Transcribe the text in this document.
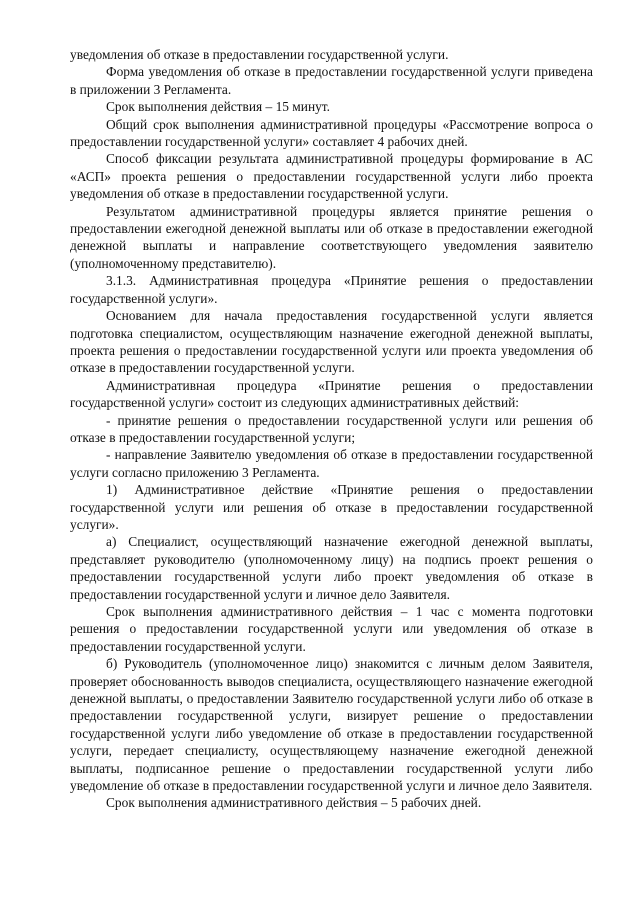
уведомления об отказе в предоставлении государственной услуги.

Форма уведомления об отказе в предоставлении государственной услуги приведена в приложении 3 Регламента.

Срок выполнения действия – 15 минут.

Общий срок выполнения административной процедуры «Рассмотрение вопроса о предоставлении государственной услуги» составляет 4 рабочих дней.

Способ фиксации результата административной процедуры формирование в АС «АСП» проекта решения о предоставлении государственной услуги либо проекта уведомления об отказе в предоставлении государственной услуги.

Результатом административной процедуры является принятие решения о предоставлении ежегодной денежной выплаты или об отказе в предоставлении ежегодной денежной выплаты и направление соответствующего уведомления заявителю (уполномоченному представителю).

3.1.3. Административная процедура «Принятие решения о предоставлении государственной услуги».

Основанием для начала предоставления государственной услуги является подготовка специалистом, осуществляющим назначение ежегодной денежной выплаты, проекта решения о предоставлении государственной услуги или проекта уведомления об отказе в предоставлении государственной услуги.

Административная процедура «Принятие решения о предоставлении государственной услуги» состоит из следующих административных действий:

- принятие решения о предоставлении государственной услуги или решения об отказе в предоставлении государственной услуги;

- направление Заявителю уведомления об отказе в предоставлении государственной услуги согласно приложению 3 Регламента.

1) Административное действие «Принятие решения о предоставлении государственной услуги или решения об отказе в предоставлении государственной услуги».

а) Специалист, осуществляющий назначение ежегодной денежной выплаты, представляет руководителю (уполномоченному лицу) на подпись проект решения о предоставлении государственной услуги либо проект уведомления об отказе в предоставлении государственной услуги и личное дело Заявителя.

Срок выполнения административного действия – 1 час с момента подготовки решения о предоставлении государственной услуги или уведомления об отказе в предоставлении государственной услуги.

б) Руководитель (уполномоченное лицо) знакомится с личным делом Заявителя, проверяет обоснованность выводов специалиста, осуществляющего назначение ежегодной денежной выплаты, о предоставлении Заявителю государственной услуги либо об отказе в предоставлении государственной услуги, визирует решение о предоставлении государственной услуги либо уведомление об отказе в предоставлении государственной услуги, передает специалисту, осуществляющему назначение ежегодной денежной выплаты, подписанное решение о предоставлении государственной услуги либо уведомление об отказе в предоставлении государственной услуги и личное дело Заявителя.

Срок выполнения административного действия – 5 рабочих дней.
